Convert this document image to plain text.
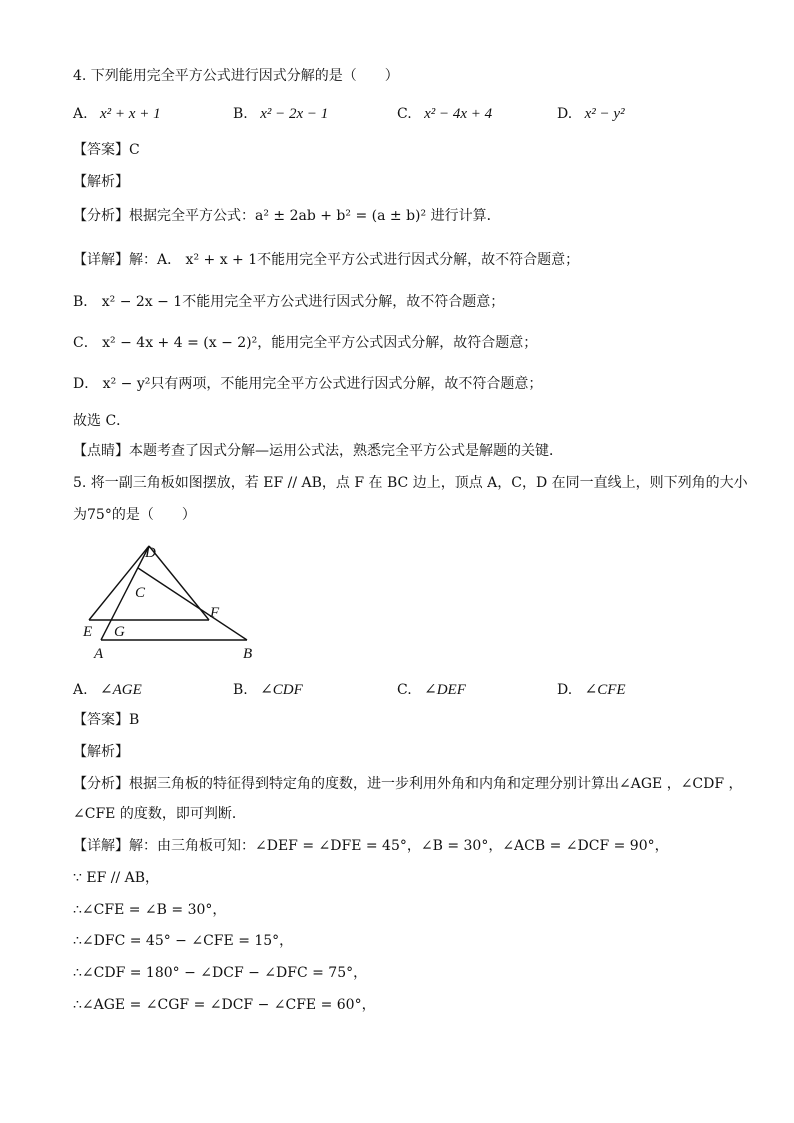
4. 下列能用完全平方公式进行因式分解的是（　　）
A. x² + x + 1	B. x² − 2x − 1	C. x² − 4x + 4	D. x² − y²
【答案】C
【解析】
【分析】根据完全平方公式：a² ± 2ab + b² = (a ± b)² 进行计算．
【详解】解：A． x² + x + 1不能用完全平方公式进行因式分解，故不符合题意；
B． x² − 2x − 1不能用完全平方公式进行因式分解，故不符合题意；
C． x² − 4x + 4 = (x − 2)²，能用完全平方公式因式分解，故符合题意；
D． x² − y²只有两项，不能用完全平方公式进行因式分解，故不符合题意；
故选 C．
【点睛】本题考查了因式分解—运用公式法，熟悉完全平方公式是解题的关键．
5. 将一副三角板如图摆放，若 EF // AB，点 F 在 BC 边上，顶点 A，C，D 在同一直线上，则下列角的大小
为75°的是（　　）
D
C
F
E G
A	B
A. ∠AGE	B. ∠CDF	C. ∠DEF	D. ∠CFE
【答案】B
【解析】
【分析】根据三角板的特征得到特定角的度数，进一步利用外角和内角和定理分别计算出∠AGE ，∠CDF ，
∠CFE 的度数，即可判断．
【详解】解：由三角板可知：∠DEF = ∠DFE = 45°，∠B = 30°，∠ACB = ∠DCF = 90°，
∵ EF // AB，
∴∠CFE = ∠B = 30°，
∴∠DFC = 45° − ∠CFE = 15°，
∴∠CDF = 180° − ∠DCF − ∠DFC = 75°，
∴∠AGE = ∠CGF = ∠DCF − ∠CFE = 60°，
